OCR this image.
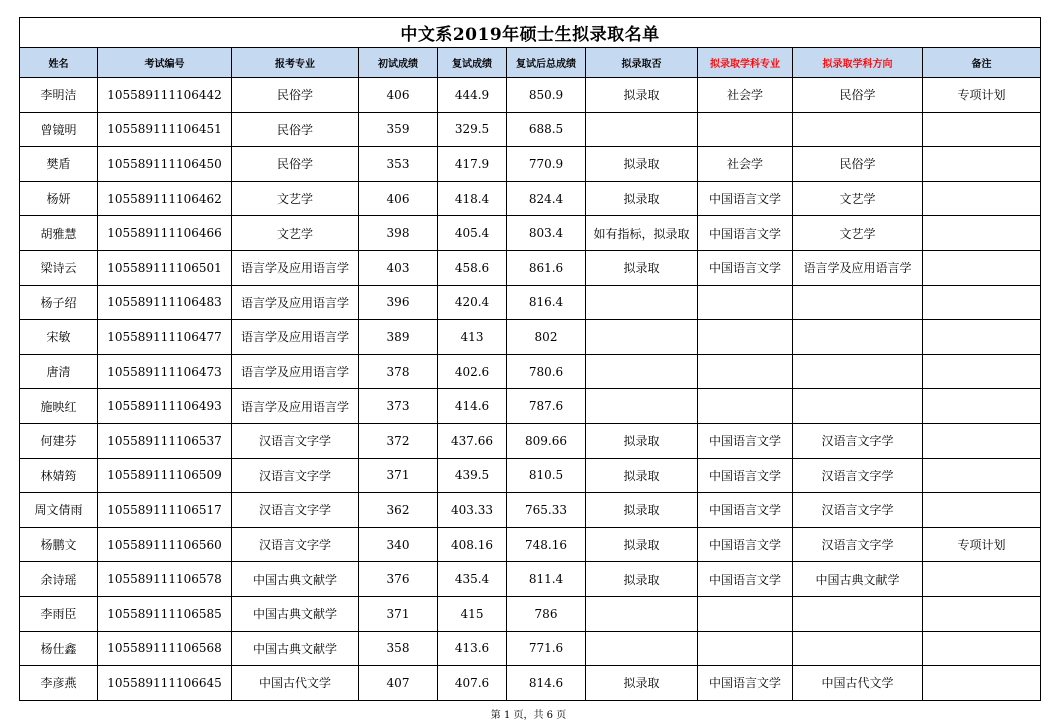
中文系2019年硕士生拟录取名单									
姓名	考试编号	报考专业	初试成绩	复试成绩	复试后总成绩	拟录取否	拟录取学科专业	拟录取学科方向	备注
李明洁	105589111106442	民俗学	406	444.9	850.9	拟录取	社会学	民俗学	专项计划
曾镜明	105589111106451	民俗学	359	329.5	688.5				
樊盾	105589111106450	民俗学	353	417.9	770.9	拟录取	社会学	民俗学	
杨妍	105589111106462	文艺学	406	418.4	824.4	拟录取	中国语言文学	文艺学	
胡雅慧	105589111106466	文艺学	398	405.4	803.4	如有指标，拟录取	中国语言文学	文艺学	
梁诗云	105589111106501	语言学及应用语言学	403	458.6	861.6	拟录取	中国语言文学	语言学及应用语言学	
杨子绍	105589111106483	语言学及应用语言学	396	420.4	816.4				
宋敏	105589111106477	语言学及应用语言学	389	413	802				
唐清	105589111106473	语言学及应用语言学	378	402.6	780.6				
施映红	105589111106493	语言学及应用语言学	373	414.6	787.6				
何建芬	105589111106537	汉语言文字学	372	437.66	809.66	拟录取	中国语言文学	汉语言文字学	
林婧筠	105589111106509	汉语言文字学	371	439.5	810.5	拟录取	中国语言文学	汉语言文字学	
周文倩雨	105589111106517	汉语言文字学	362	403.33	765.33	拟录取	中国语言文学	汉语言文字学	
杨鹏文	105589111106560	汉语言文字学	340	408.16	748.16	拟录取	中国语言文学	汉语言文字学	专项计划
余诗瑶	105589111106578	中国古典文献学	376	435.4	811.4	拟录取	中国语言文学	中国古典文献学	
李雨臣	105589111106585	中国古典文献学	371	415	786				
杨仕鑫	105589111106568	中国古典文献学	358	413.6	771.6				
李彦燕	105589111106645	中国古代文学	407	407.6	814.6	拟录取	中国语言文学	中国古代文学	
第 1 页，共 6 页
